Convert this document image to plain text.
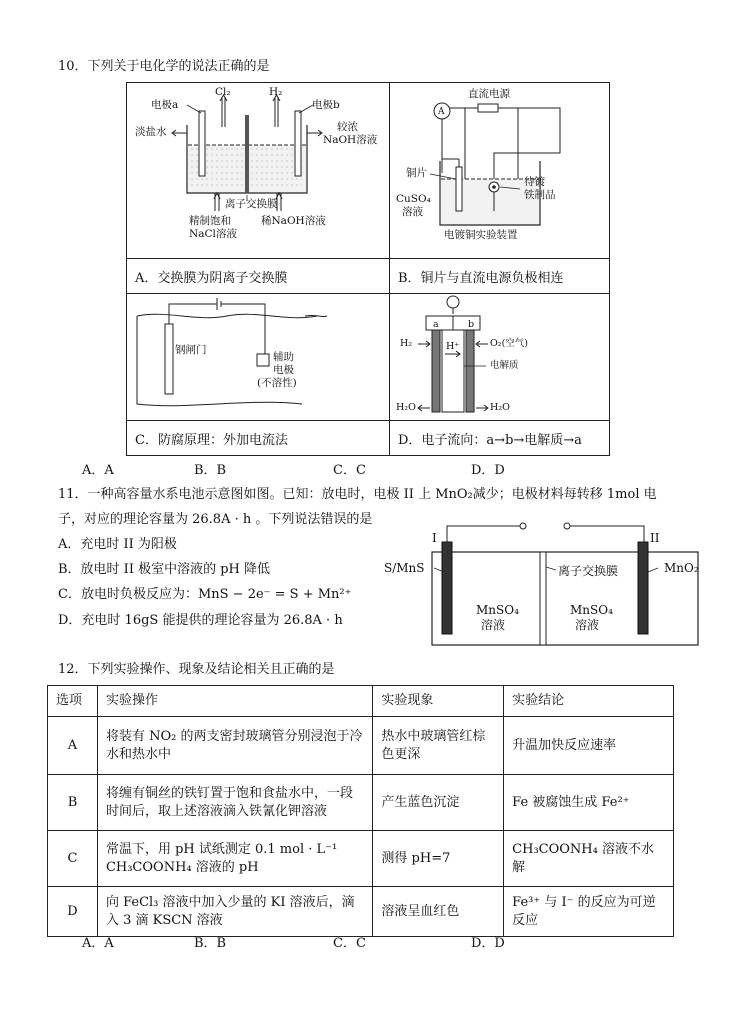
10．下列关于电化学的说法正确的是
电极a
Cl₂	H₂
电极b
淡盐水	较浓
NaOH溶液
离子交换膜
精制饱和
NaCl溶液
稀NaOH溶液
A
直流电源
铜片
CuSO₄
溶液
待镀
铁制品
电镀铜实验装置
A．交换膜为阴离子交换膜	B．铜片与直流电源负极相连
钢闸门
辅助
电极
(不溶性)
a	b
H₂	H⁺	O₂(空气)
电解质
H₂O	H₂O
C．防腐原理：外加电流法	D．电子流向：a→b→电解质→a
A．A	B．B	C．C	D．D
11．一种高容量水系电池示意图如图。已知：放电时，电极 II 上 MnO₂减少；电极材料每转移 1mol 电
子，对应的理论容量为 26.8A · h 。下列说法错误的是
A．充电时 II 为阳极
B．放电时 II 极室中溶液的 pH 降低
C．放电时负极反应为：MnS − 2e⁻ = S + Mn²⁺
D．充电时 16gS 能提供的理论容量为 26.8A · h
I	II
S/MnS	MnO₂
离子交换膜
MnSO₄
溶液
MnSO₄
溶液
12．下列实验操作、现象及结论相关且正确的是
选项	实验操作	实验现象	实验结论
A	将装有 NO₂ 的两支密封玻璃管分别浸泡于冷水和热水中	热水中玻璃管红棕色更深	升温加快反应速率
B	将缠有铜丝的铁钉置于饱和食盐水中，一段时间后，取上述溶液滴入铁氰化钾溶液	产生蓝色沉淀	Fe 被腐蚀生成 Fe²⁺
C	常温下，用 pH 试纸测定 0.1 mol · L⁻¹ CH₃COONH₄ 溶液的 pH	测得 pH=7	CH₃COONH₄ 溶液不水解
D	向 FeCl₃ 溶液中加入少量的 KI 溶液后，滴入 3 滴 KSCN 溶液	溶液呈血红色	Fe³⁺ 与 I⁻ 的反应为可逆反应
A．A	B．B	C．C	D．D
